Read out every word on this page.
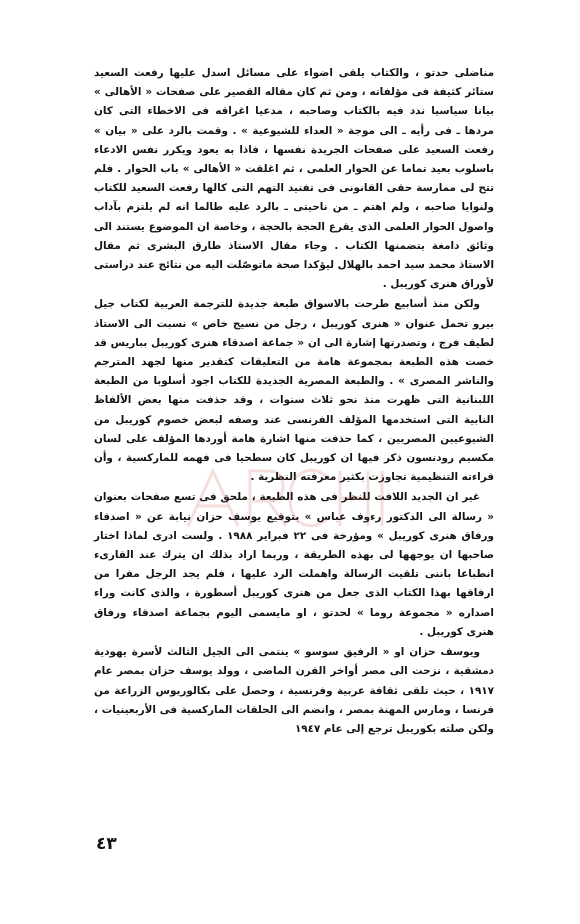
مناضلى حدتو ، والكتاب يلقى اضواء على مسائل اسدل عليها رفعت السعيد ستائر كثيفة فى مؤلفاته ، ومن ثم كان مقاله القصير على صفحات « الأهالى » بيانا سياسيا ندد فيه بالكتاب وصاحبه ، مدعيا اغراقه فى الاخطاء التى كان مردها ـ فى رأيه ـ الى موجة « العداء للشيوعية » . وقمت بالرد على « بيان » رفعت السعيد على صفحات الجريدة نفسها ، فاذا به يعود ويكرر نفس الادعاء باسلوب بعيد تماما عن الحوار العلمى ، ثم اغلقت « الأهالى » باب الحوار . فلم تتح لى ممارسة حقى القانونى فى تفنيد التهم التى كالها رفعت السعيد للكتاب ولنوايا صاحبه ، ولم اهتم ـ من ناحيتى ـ بالرد عليه طالما انه لم يلتزم بآداب واصول الحوار العلمى الذى يقرع الحجة بالحجة ، وخاصة ان الموضوع يستند الى وثائق دامغة يتضمنها الكتاب . وجاء مقال الاستاذ طارق البشرى ثم مقال الاستاذ محمد سيد احمد بالهلال ليؤكدا صحة ماتوصّلت اليه من نتائج عند دراستى لأوراق هنرى كوريبل .

ولكن منذ أسابيع طرحت بالاسواق طبعة جديدة للترجمة العربية لكتاب جيل بيرو تحمل عنوان « هنرى كوريبل ، رجل من نسيج خاص » نسبت الى الاستاذ لطيف فرج ، وتصدرتها إشارة الى ان « جماعة اصدقاء هنرى كوريبل بباريس قد خصت هذه الطبعة بمجموعة هامة من التعليقات كتقدير منها لجهد المترجم والناشر المصرى » . والطبعة المصرية الجديدة للكتاب اجود أسلوبا من الطبعة اللبنانية التى ظهرت منذ نحو ثلاث سنوات ، وقد حذفت منها بعض الألفاظ النابية التى استخدمها المؤلف الفرنسى عند وصفه لبعض خصوم كوريبل من الشيوعيين المصريين ، كما حذفت منها اشارة هامة أوردها المؤلف على لسان مكسيم رودنسون ذكر فيها ان كوريبل كان سطحيا فى فهمه للماركسية ، وأن قراءته التنظيمية تجاوزت بكثير معرفته النظرية .

غير ان الجديد اللافت للنظر فى هذه الطبعة ، ملحق فى تسع صفحات بعنوان « رسالة الى الدكتور رءوف عباس » بتوقيع يوسف حزان نيابة عن « اصدقاء ورفاق هنرى كوريبل » ومؤرخة فى ٢٢ فبراير ١٩٨٨ . ولست ادرى لماذا اختار صاحبها ان يوجهها لى بهذه الطريقة ، وربما اراد بذلك ان يترك عند القارىء انطباعا باننى تلقيت الرسالة واهملت الرد عليها ، فلم يجد الرجل مفرا من ارفاقها بهذا الكتاب الذى جعل من هنرى كوريبل أسطورة ، والذى كانت وراء اصداره « مجموعة روما » لحدتو ، او مايسمى اليوم بجماعة اصدقاء ورفاق هنرى كوريبل .

ويوسف حزان او « الرفيق سوسو » ينتمى الى الجيل الثالث لأسرة يهودية دمشقية ، نزحت الى مصر أواخر القرن الماضى ، وولد يوسف حزان بمصر عام ١٩١٧ ، حيث تلقى ثقافة عربية وفرنسية ، وحصل على بكالوريوس الزراعة من فرنسا ، ومارس المهنة بمصر ، وانضم الى الحلقات الماركسية فى الأربعينيات ، ولكن صلته بكوريبل ترجع إلى عام ١٩٤٧

٤٣
